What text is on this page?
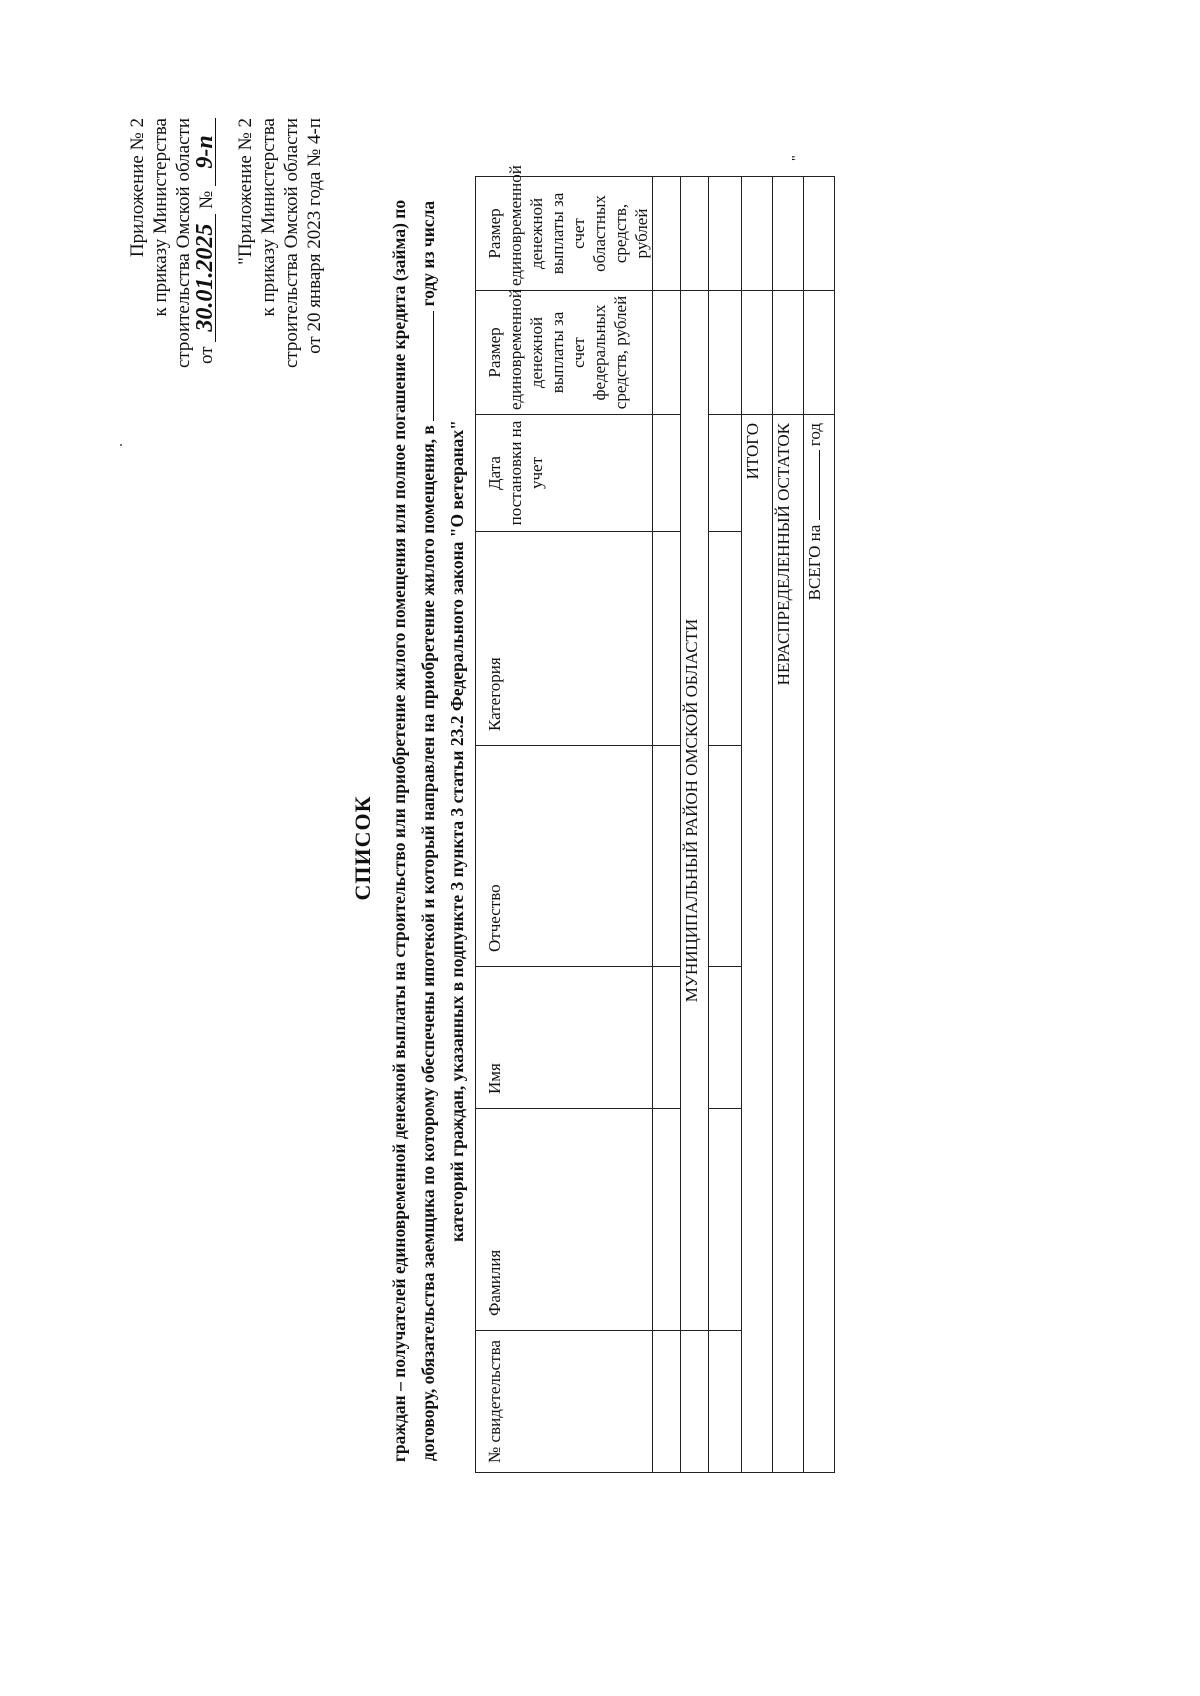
Приложение № 2 к приказу Министерства строительства Омской области от 30.01.2025 № 9-п "Приложение № 2 к приказу Министерства строительства Омской области от 20 января 2023 года № 4-п
СПИСОК граждан – получателей единовременной денежной выплаты на строительство или приобретение жилого помещения или полное погашение кредита (займа) по договору, обязательства заемщика по которому обеспечены ипотекой и который направлен на приобретение жилого помещения, в  году из числа
категорий граждан, указанных в подпункте 3 пункта 3 статьи 23.2 Федерального закона "О ветеранах"
№ свидетельства	Фамилия	Имя	Отчество	Категория	Дата постановки на учет	Размер единовременной денежной выплаты за счет федеральных средств, рублей	Размер единовременной денежной выплаты за счет областных средств, рублей

	МУНИЦИПАЛЬНЫЙ РАЙОН ОМСКОЙ ОБЛАСТИ						

ИТОГО							
НЕРАСПРЕДЕЛЕННЫЙ ОСТАТОК							
ВСЕГО на  год							
"
